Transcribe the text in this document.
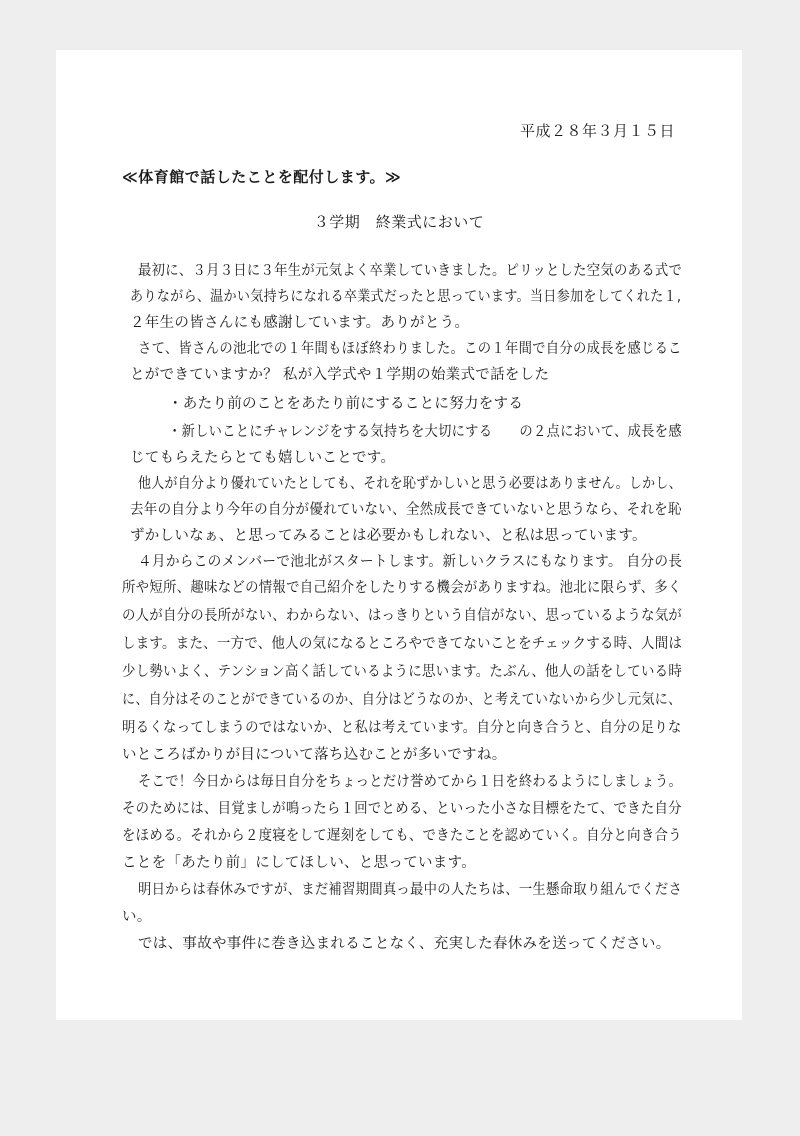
平成２８年３月１５日
≪体育館で話したことを配付します。≫
３学期　終業式において
最初に、３月３日に３年生が元気よく卒業していきました。ピリッとした空気のある式で
ありながら、温かい気持ちになれる卒業式だったと思っています。当日参加をしてくれた１,
２年生の皆さんにも感謝しています。ありがとう。
さて、皆さんの池北での１年間もほぼ終わりました。この１年間で自分の成長を感じるこ
とができていますか？ 私が入学式や１学期の始業式で話をした
・あたり前のことをあたり前にすることに努力をする
・新しいことにチャレンジをする気持ちを大切にする　　の２点において、成長を感
じてもらえたらとても嬉しいことです。
他人が自分より優れていたとしても、それを恥ずかしいと思う必要はありません。しかし、
去年の自分より今年の自分が優れていない、全然成長できていないと思うなら、それを恥
ずかしいなぁ、と思ってみることは必要かもしれない、と私は思っています。
４月からこのメンバーで池北がスタートします。新しいクラスにもなります。 自分の長
所や短所、趣味などの情報で自己紹介をしたりする機会がありますね。池北に限らず、多く
の人が自分の長所がない、わからない、はっきりという自信がない、思っているような気が
します。また、一方で、他人の気になるところやできてないことをチェックする時、人間は
少し勢いよく、テンション高く話しているように思います。たぶん、他人の話をしている時
に、自分はそのことができているのか、自分はどうなのか、と考えていないから少し元気に、
明るくなってしまうのではないか、と私は考えています。自分と向き合うと、自分の足りな
いところばかりが目について落ち込むことが多いですね。
そこで！今日からは毎日自分をちょっとだけ誉めてから１日を終わるようにしましょう。
そのためには、目覚ましが鳴ったら１回でとめる、といった小さな目標をたて、できた自分
をほめる。それから２度寝をして遅刻をしても、できたことを認めていく。自分と向き合う
ことを「あたり前」にしてほしい、と思っています。
明日からは春休みですが、まだ補習期間真っ最中の人たちは、一生懸命取り組んでくださ
い。
では、事故や事件に巻き込まれることなく、充実した春休みを送ってください。
